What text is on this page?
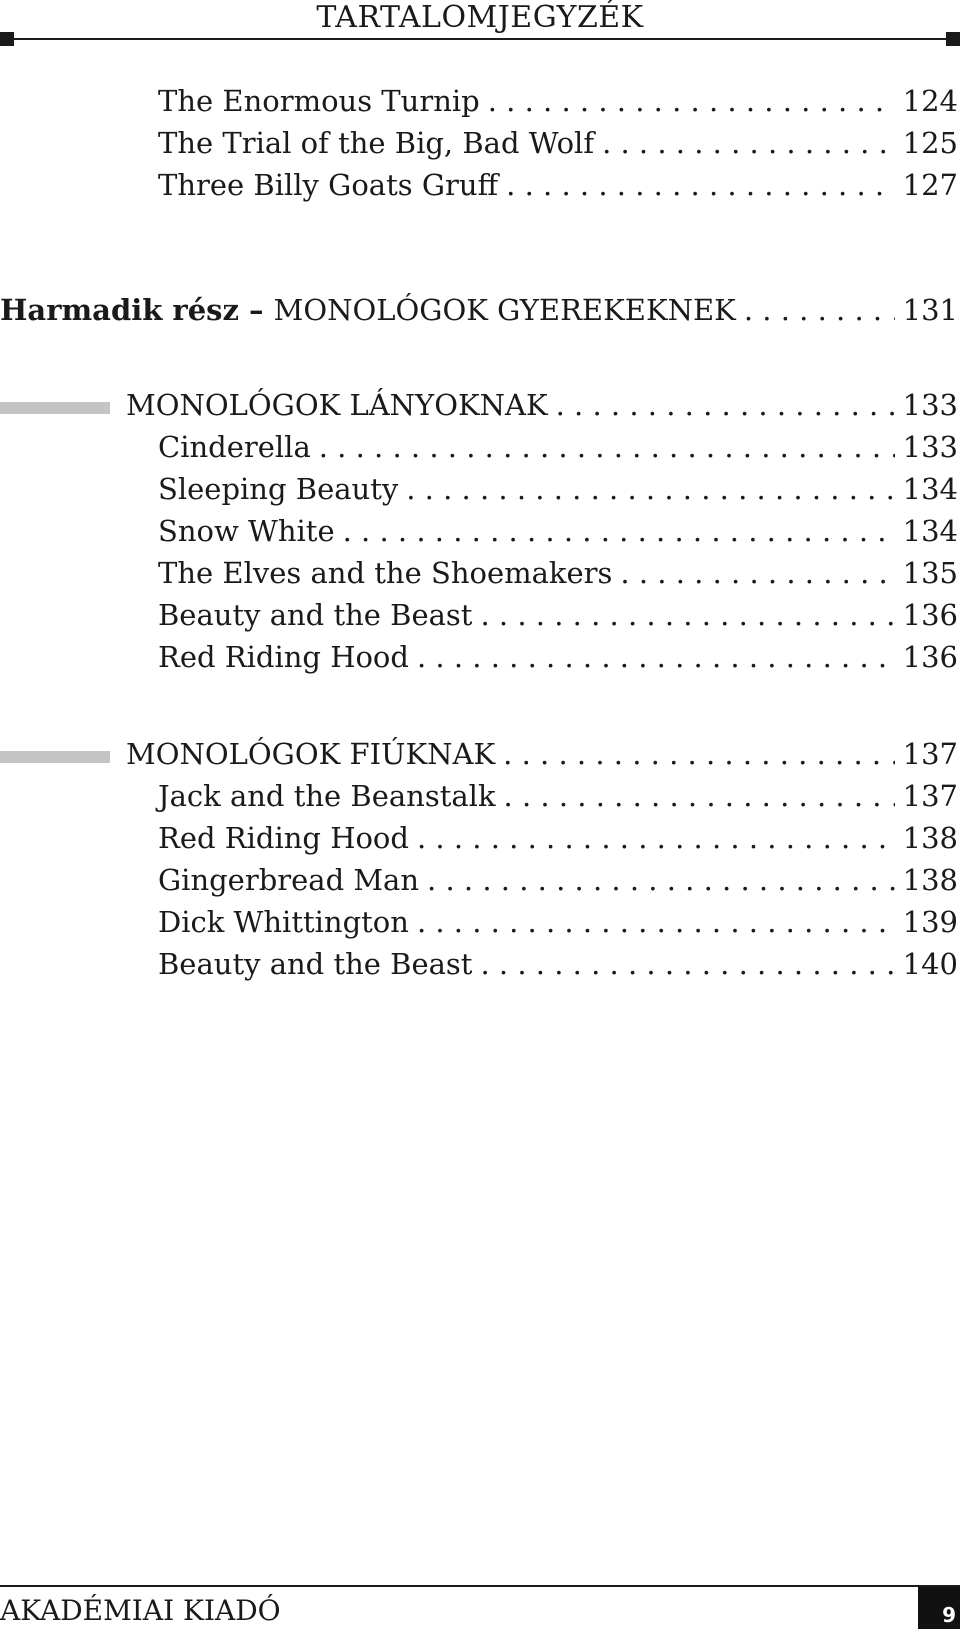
TARTALOMJEGYZÉK
The Enormous Turnip . . .	124
The Trial of the Big, Bad Wolf . . .	125
Three Billy Goats Gruff . . .	127
Harmadik rész – MONOLÓGOK GYEREKEKNEK . . .	131
MONOLÓGOK LÁNYOKNAK . . .	133
Cinderella . . .	133
Sleeping Beauty . . .	134
Snow White . . .	134
The Elves and the Shoemakers . . .	135
Beauty and the Beast . . .	136
Red Riding Hood . . .	136
MONOLÓGOK FIÚKNAK . . .	137
Jack and the Beanstalk . . .	137
Red Riding Hood . . .	138
Gingerbread Man . . .	138
Dick Whittington . . .	139
Beauty and the Beast . . .	140
AKADÉMIAI KIADÓ	9
